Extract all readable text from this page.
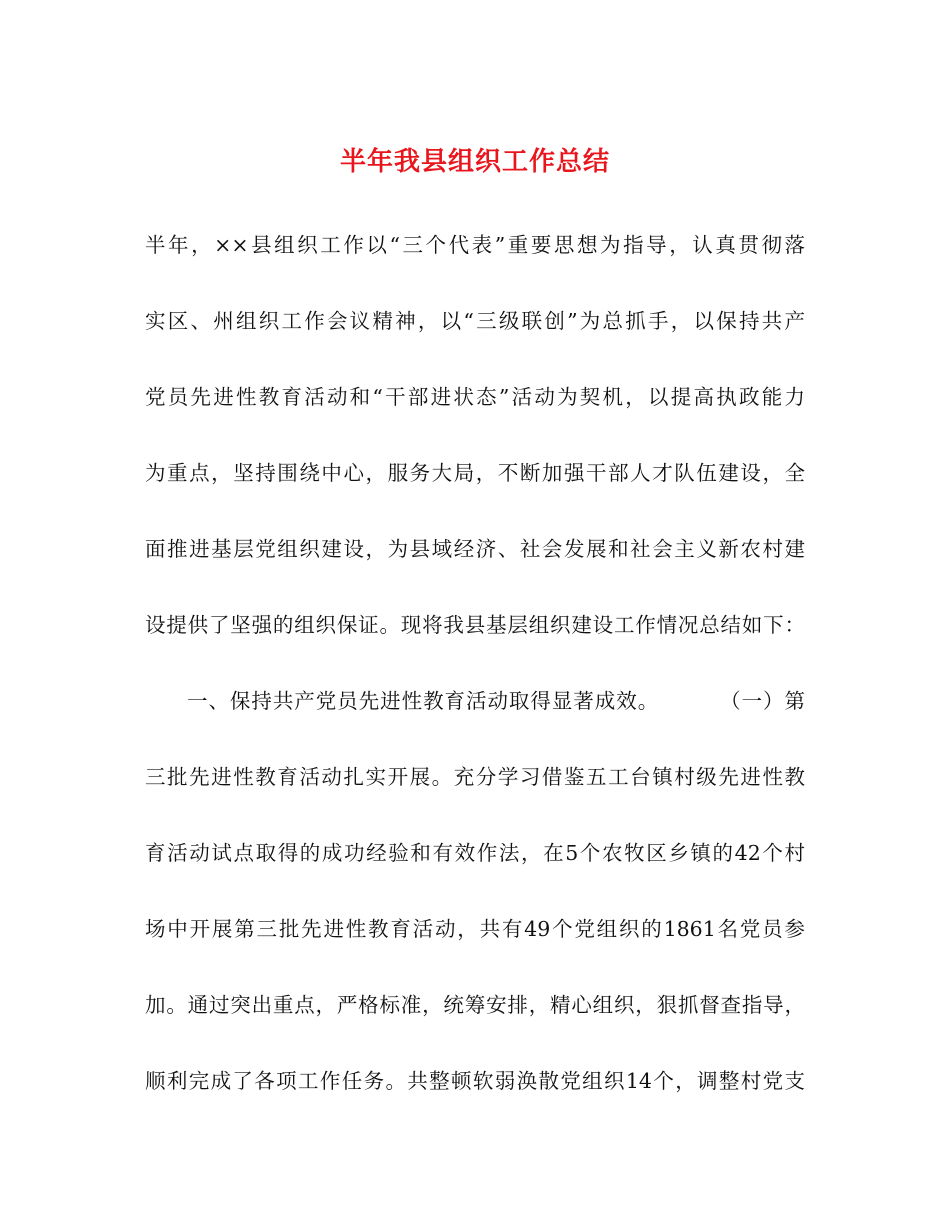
半年我县组织工作总结
半年，××县组织工作以“三个代表”重要思想为指导，认真贯彻落
实区、州组织工作会议精神，以“三级联创”为总抓手，以保持共产
党员先进性教育活动和“干部进状态”活动为契机，以提高执政能力
为重点，坚持围绕中心，服务大局，不断加强干部人才队伍建设，全
面推进基层党组织建设，为县域经济、社会发展和社会主义新农村建
设提供了坚强的组织保证。现将我县基层组织建设工作情况总结如下：
一、保持共产党员先进性教育活动取得显著成效。	（一）第
三批先进性教育活动扎实开展。充分学习借鉴五工台镇村级先进性教
育活动试点取得的成功经验和有效作法，在5个农牧区乡镇的42个村
场中开展第三批先进性教育活动，共有49个党组织的1861名党员参
加。通过突出重点，严格标准，统筹安排，精心组织，狠抓督查指导，
顺利完成了各项工作任务。共整顿软弱涣散党组织14个，调整村党支
